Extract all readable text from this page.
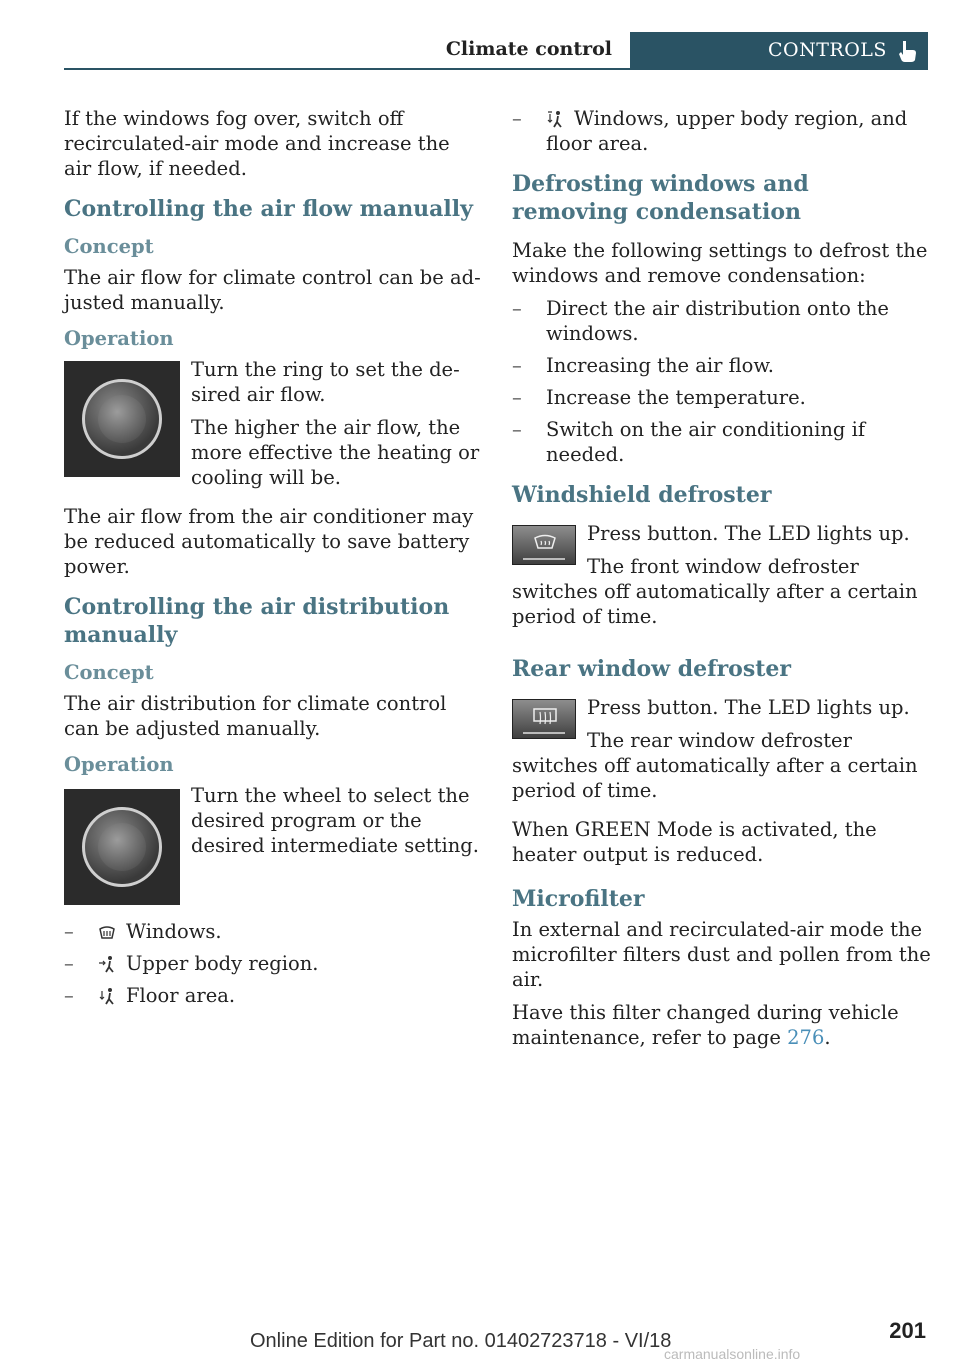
Climate control	CONTROLS

If the windows fog over, switch off recirculated-air mode and increase the air flow, if needed.

Controlling the air flow manually
Concept

The air flow for climate control can be adjusted manually.

Operation

Turn the ring to set the desired air flow.

The higher the air flow, the more effective the heating or cooling will be.

The air flow from the air conditioner may be reduced automatically to save battery power.

Controlling the air distribution manually
Concept

The air distribution for climate control can be adjusted manually.

Operation

Turn the wheel to select the desired program or the desired intermediate setting.

– Windows.
– Upper body region.
– Floor area.
– Windows, upper body region, and floor area.
Defrosting windows and removing condensation

Make the following settings to defrost the windows and remove condensation:

– Direct the air distribution onto the windows.
– Increasing the air flow.
– Increase the temperature.
– Switch on the air conditioning if needed.
Windshield defroster

Press button. The LED lights up.

The front window defroster switches off automatically after a certain period of time.

Rear window defroster

Press button. The LED lights up.

The rear window defroster switches off automatically after a certain period of time.

When GREEN Mode is activated, the heater output is reduced.

Microfilter

In external and recirculated-air mode the microfilter filters dust and pollen from the air.

Have this filter changed during vehicle maintenance, refer to page 276.

201
Online Edition for Part no. 01402723718 - VI/18
carmanualsonline.info
